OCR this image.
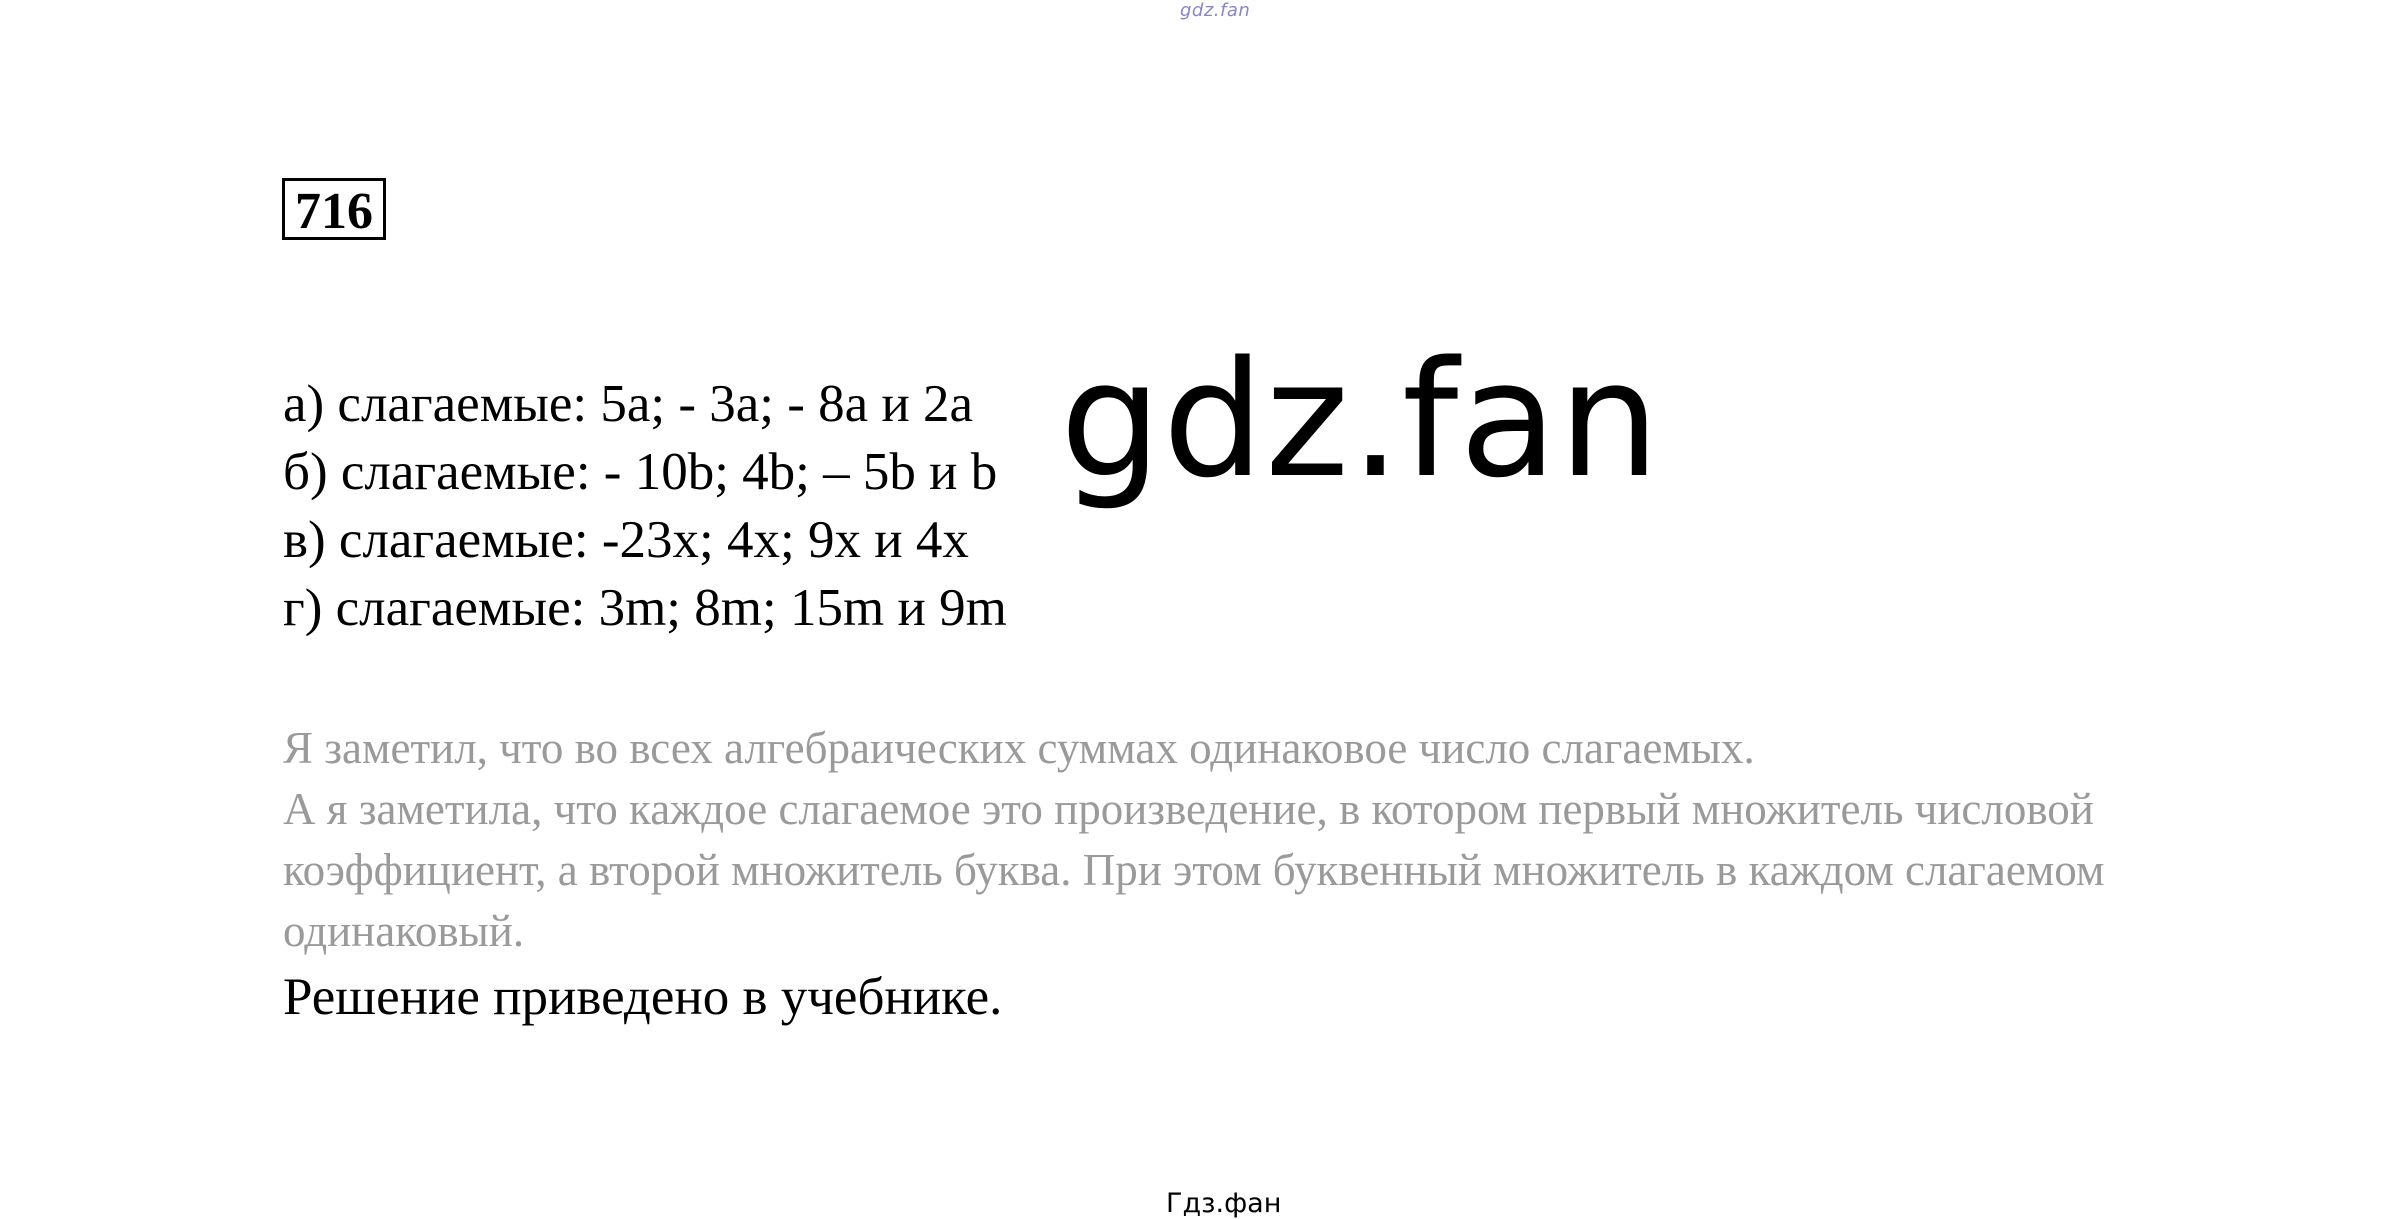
gdz.fan
716
а) слагаемые: 5a; - 3a; - 8a и 2a
б) слагаемые: - 10b; 4b; – 5b и b
в) слагаемые: -23x; 4x; 9x и 4x
г) слагаемые: 3m; 8m; 15m и 9m
gdz.fan

Я заметил, что во всех алгебраических суммах одинаковое число слагаемых.

А я заметила, что каждое слагаемое это произведение, в котором первый множитель числовой коэффициент, а второй множитель буква. При этом буквенный множитель в каждом слагаемом одинаковый.

Решение приведено в учебнике.
Гдз.фан
